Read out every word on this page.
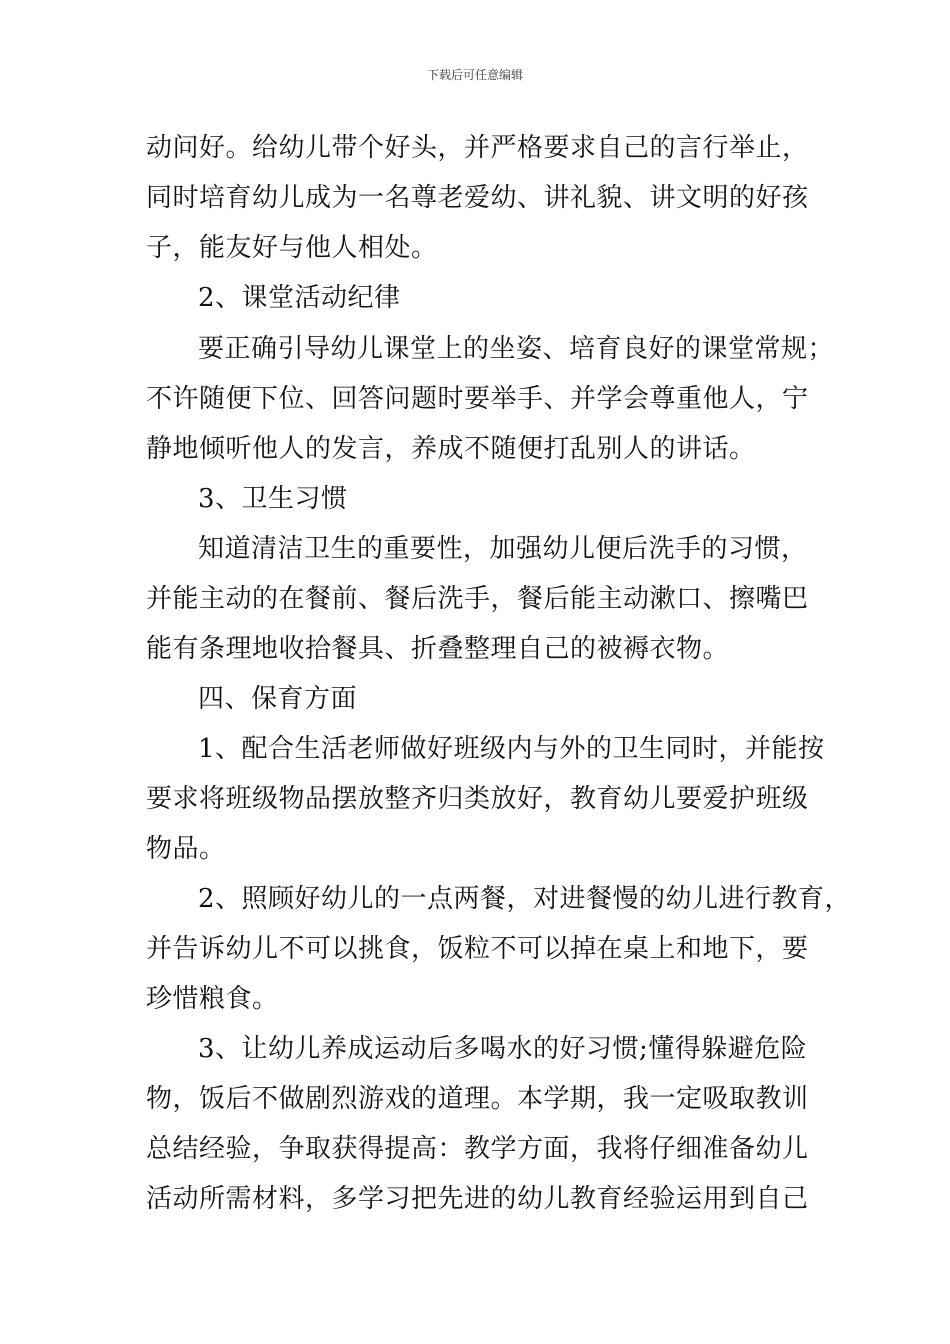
下载后可任意编辑
动问好。给幼儿带个好头，并严格要求自己的言行举止，
同时培育幼儿成为一名尊老爱幼、讲礼貌、讲文明的好孩
子，能友好与他人相处。
2、课堂活动纪律
要正确引导幼儿课堂上的坐姿、培育良好的课堂常规；
不许随便下位、回答问题时要举手、并学会尊重他人，宁
静地倾听他人的发言，养成不随便打乱别人的讲话。
3、卫生习惯
知道清洁卫生的重要性，加强幼儿便后洗手的习惯，
并能主动的在餐前、餐后洗手，餐后能主动漱口、擦嘴巴
能有条理地收拾餐具、折叠整理自己的被褥衣物。
四、保育方面
1、配合生活老师做好班级内与外的卫生同时，并能按
要求将班级物品摆放整齐归类放好，教育幼儿要爱护班级
物品。
2、照顾好幼儿的一点两餐，对进餐慢的幼儿进行教育，
并告诉幼儿不可以挑食，饭粒不可以掉在桌上和地下，要
珍惜粮食。
3、让幼儿养成运动后多喝水的好习惯;懂得躲避危险
物，饭后不做剧烈游戏的道理。本学期，我一定吸取教训
总结经验，争取获得提高：教学方面，我将仔细准备幼儿
活动所需材料，多学习把先进的幼儿教育经验运用到自己
